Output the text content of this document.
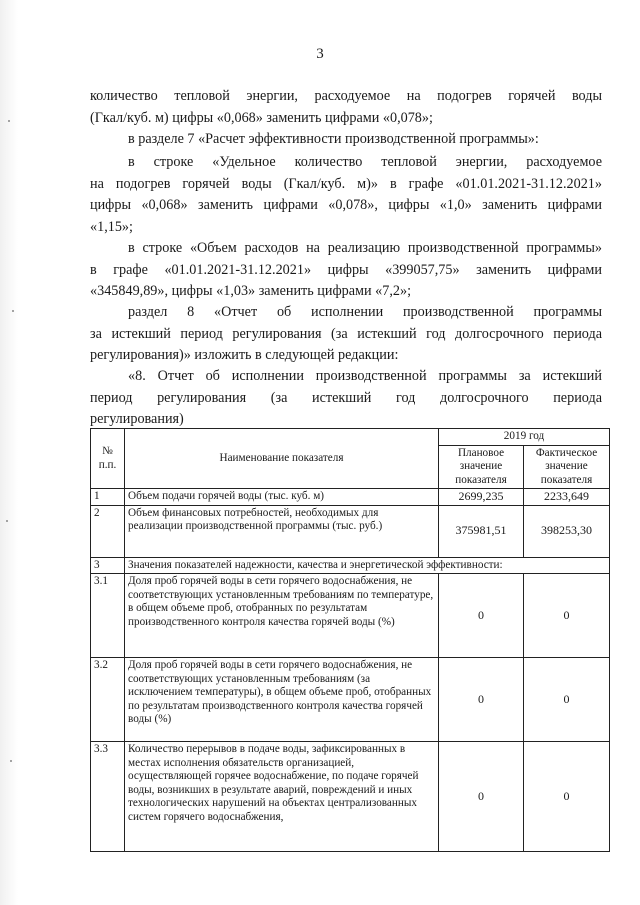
3
количество тепловой энергии, расходуемое на подогрев горячей воды
(Гкал/куб. м) цифры «0,068» заменить цифрами «0,078»;
в разделе 7 «Расчет эффективности производственной программы»:
в строке «Удельное количество тепловой энергии, расходуемое
на подогрев горячей воды (Гкал/куб. м)» в графе «01.01.2021-31.12.2021»
цифры «0,068» заменить цифрами «0,078», цифры «1,0» заменить цифрами
«1,15»;
в строке «Объем расходов на реализацию производственной программы»
в графе «01.01.2021-31.12.2021» цифры «399057,75» заменить цифрами
«345849,89», цифры «1,03» заменить цифрами «7,2»;
раздел 8 «Отчет об исполнении производственной программы
за истекший период регулирования (за истекший год долгосрочного периода
регулирования)» изложить в следующей редакции:
«8. Отчет об исполнении производственной программы за истекший
период регулирования (за истекший год долгосрочного периода
регулирования)
№ п.п.	Наименование показателя	2019 год	
		Плановое значение показателя	Фактическое значение показателя
1	Объем подачи горячей воды (тыс. куб. м)	2699,235	2233,649
2	Объем финансовых потребностей, необходимых для реализации производственной программы (тыс. руб.)	375981,51	398253,30
3	Значения показателей надежности, качества и энергетической эффективности:		
3.1	Доля проб горячей воды в сети горячего водоснабжения, не соответствующих установленным требованиям по температуре, в общем объеме проб, отобранных по результатам производственного контроля качества горячей воды (%)	0	0
3.2	Доля проб горячей воды в сети горячего водоснабжения, не соответствующих установленным требованиям (за исключением температуры), в общем объеме проб, отобранных по результатам производственного контроля качества горячей воды (%)	0	0
3.3	Количество перерывов в подаче воды, зафиксированных в местах исполнения обязательств организацией, осуществляющей горячее водоснабжение, по подаче горячей воды, возникших в результате аварий, повреждений и иных технологических нарушений на объектах централизованных систем горячего водоснабжения,	0	0
